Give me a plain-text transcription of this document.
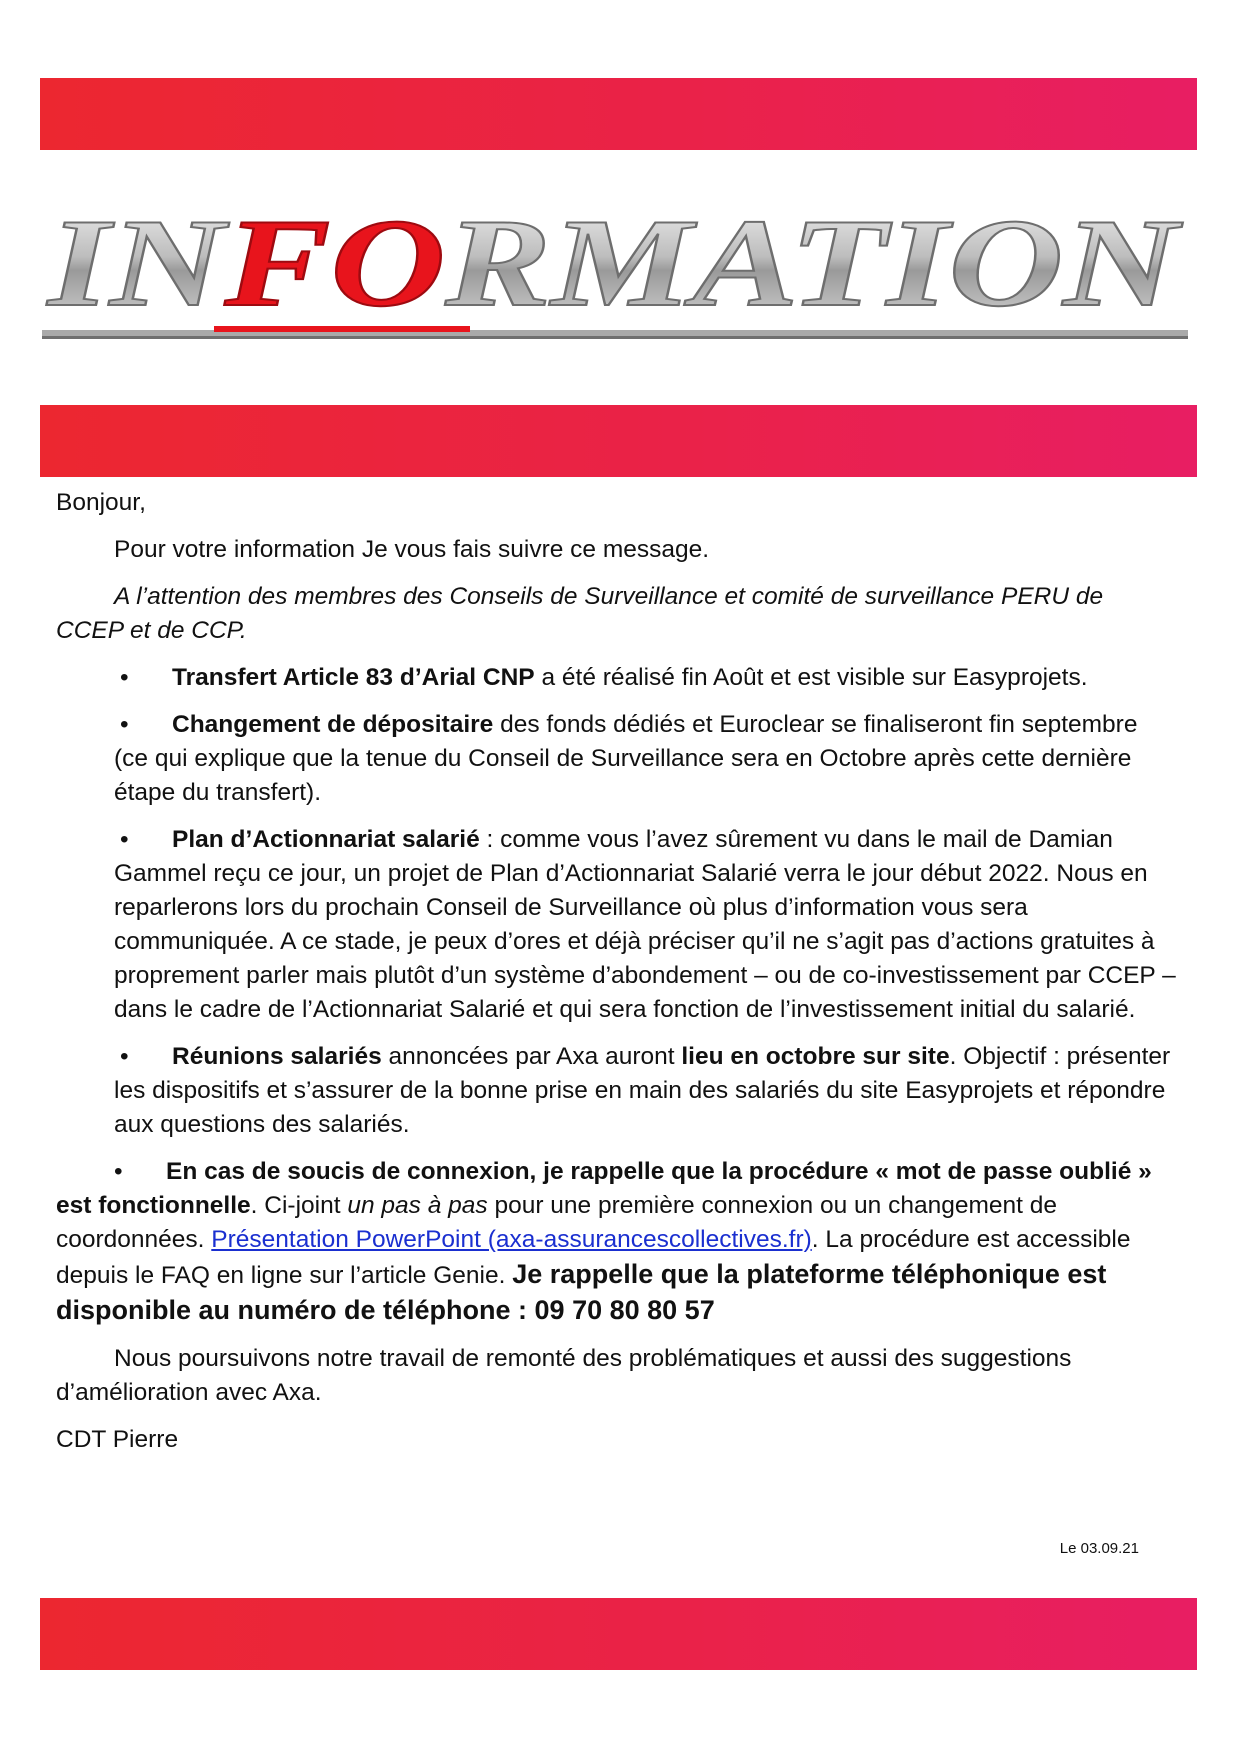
IN FO RMATION

Bonjour,

Pour votre information Je vous fais suivre ce message.

A l’attention des membres des Conseils de Surveillance et comité de surveillance PERU de CCEP et de CCP.

• Transfert Article 83 d’Arial CNP a été réalisé fin Août et est visible sur Easyprojets.

• Changement de dépositaire des fonds dédiés et Euroclear se finaliseront fin septembre (ce qui explique que la tenue du Conseil de Surveillance sera en Octobre après cette dernière étape du transfert).

• Plan d’Actionnariat salarié : comme vous l’avez sûrement vu dans le mail de Damian Gammel reçu ce jour, un projet de Plan d’Actionnariat Salarié verra le jour début 2022. Nous en reparlerons lors du prochain Conseil de Surveillance où plus d’information vous sera communiquée. A ce stade, je peux d’ores et déjà préciser qu’il ne s’agit pas d’actions gratuites à proprement parler mais plutôt d’un système d’abondement – ou de co-investissement par CCEP – dans le cadre de l’Actionnariat Salarié et qui sera fonction de l’investissement initial du salarié.

• Réunions salariés annoncées par Axa auront lieu en octobre sur site. Objectif : présenter les dispositifs et s’assurer de la bonne prise en main des salariés du site Easyprojets et répondre aux questions des salariés.

• En cas de soucis de connexion, je rappelle que la procédure « mot de passe oublié » est fonctionnelle. Ci-joint un pas à pas pour une première connexion ou un changement de coordonnées. Présentation PowerPoint (axa-assurancescollectives.fr). La procédure est accessible depuis le FAQ en ligne sur l’article Genie. Je rappelle que la plateforme téléphonique est disponible au numéro de téléphone : 09 70 80 80 57

Nous poursuivons notre travail de remonté des problématiques et aussi des suggestions d’amélioration avec Axa.

CDT Pierre

Le 03.09.21
